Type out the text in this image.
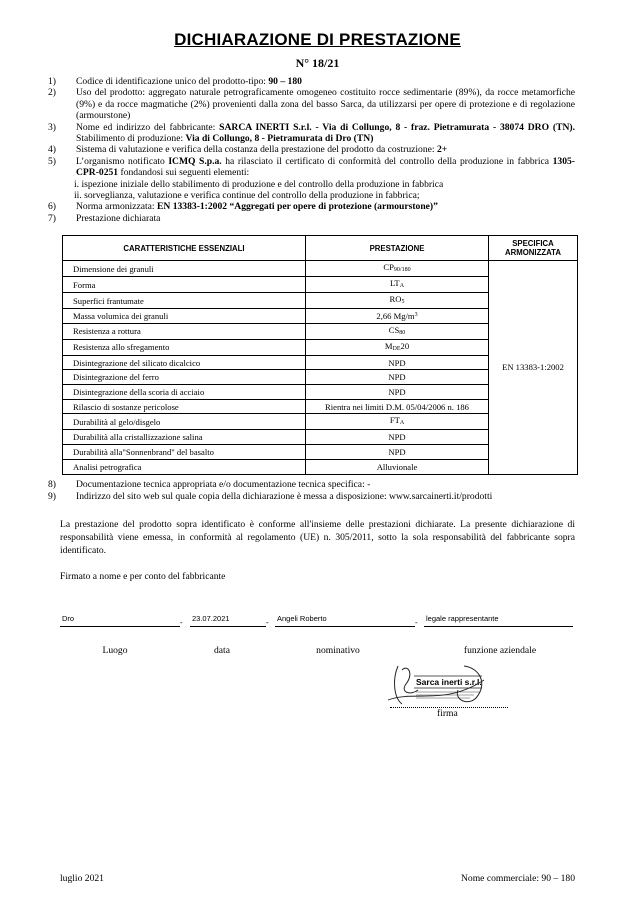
DICHIARAZIONE DI PRESTAZIONE
N° 18/21
1)	Codice di identificazione unico del prodotto-tipo: 90 – 180
2)	Uso del prodotto: aggregato naturale petrograficamente omogeneo costituito rocce sedimentarie (89%), da rocce metamorfiche (9%) e da rocce magmatiche (2%) provenienti dalla zona del basso Sarca, da utilizzarsi per opere di protezione e di regolazione (armourstone)
3)	Nome ed indirizzo del fabbricante: SARCA INERTI S.r.l. - Via di Collungo, 8 - fraz. Pietramurata - 38074 DRO (TN). Stabilimento di produzione: Via di Collungo, 8 - Pietramurata di Dro (TN)
4)	Sistema di valutazione e verifica della costanza della prestazione del prodotto da costruzione: 2+
5)	L’organismo notificato ICMQ S.p.a. ha rilasciato il certificato di conformità del controllo della produzione in fabbrica 1305-CPR-0251 fondandosi sui seguenti elementi:
i. ispezione iniziale dello stabilimento di produzione e del controllo della produzione in fabbrica
ii. sorveglianza, valutazione e verifica continue del controllo della produzione in fabbrica;
6)	Norma armonizzata: EN 13383-1:2002 “Aggregati per opere di protezione (armourstone)”
7)	Prestazione dichiarata
CARATTERISTICHE ESSENZIALI	PRESTAZIONE	SPECIFICA ARMONIZZATA
Dimensione dei granuli	$CP_{90/180}$	EN 13383-1:2002
Forma	$LT_A$
Superfici frantumate	$RO_5$
Massa volumica dei granuli	2,66 $Mg/m^3$
Resistenza a rottura	$CS_{80}$
Resistenza allo sfregamento	$M_{DE}20$	
Disintegrazione del silicato dicalcico	NPD	
Disintegrazione del ferro	NPD	
Disintegrazione della scoria di acciaio	NPD	
Rilascio di sostanze pericolose	Rientra nei limiti D.M. 05/04/2006 n. 186	
Durabilità al gelo/disgelo	$FT_A$
Durabilità alla cristallizzazione salina	NPD	
Durabilità alla"Sonnenbrand" del basalto	NPD	
Analisi petrografica	Alluvionale	
8)	Documentazione tecnica appropriata e/o documentazione tecnica specifica: -
9)	Indirizzo del sito web sul quale copia della dichiarazione è messa a disposizione: www.sarcainerti.it/prodotti
La prestazione del prodotto sopra identificato è conforme all'insieme delle prestazioni dichiarate. La presente dichiarazione di responsabilità viene emessa, in conformità al regolamento (UE) n. 305/2011, sotto la sola responsabilità del fabbricante sopra identificato.
Firmato a nome e per conto del fabbricante
Dro	- 23.07.2021	- Angeli Roberto	- legale rappresentante
Luogo	data	nominativo	funzione aziendale
Sarca inerti s.r.l.
firma
luglio 2021	Nome commerciale: 90 – 180
